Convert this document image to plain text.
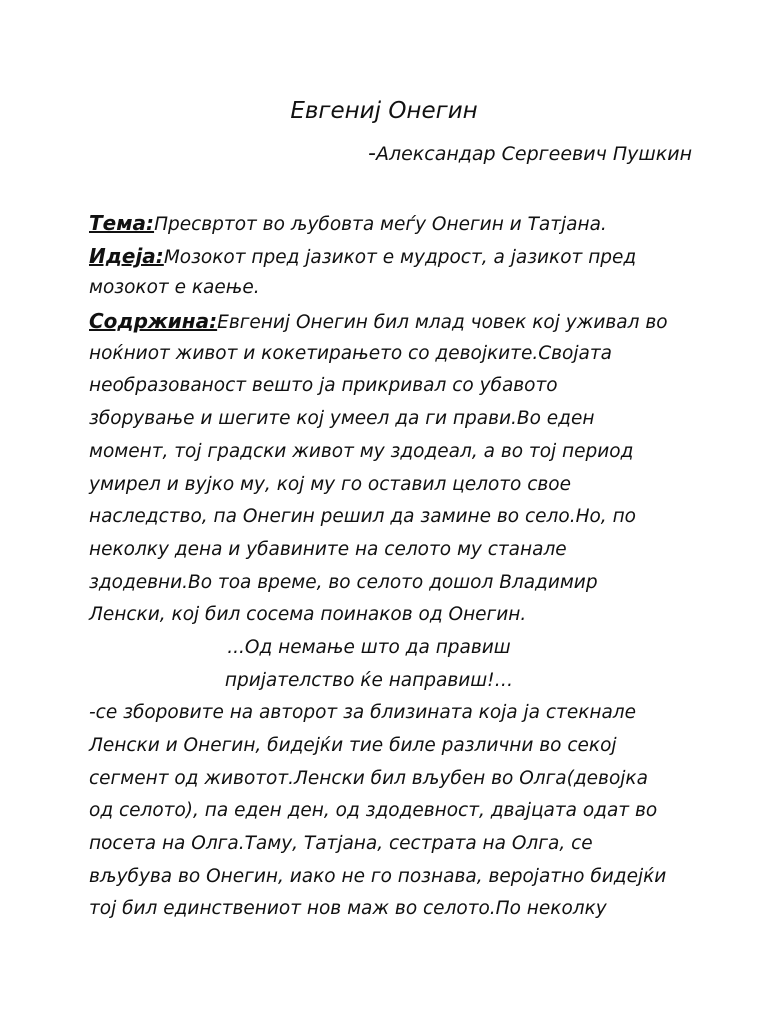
Евгениј Онегин
-Александар Сергеевич Пушкин
Тема:Пресвртот во љубовта меѓу Онегин и Татјана.
Идеја:Мозокот пред јазикот е мудрост, а јазикот пред
мозокот е каење.
Содржина:Евгениј Онегин бил млад човек кој уживал во
ноќниот живот и кокетирањето со девојките.Својата
необразованост вешто ја прикривал со убавото
зборување и шегите кој умеел да ги прави.Во еден
момент, тој градски живот му здодеал, а во тој период
умирел и вујко му, кој му го оставил целото свое
наследство, па Онегин решил да замине во село.Но, по
неколку дена и убавините на селото му станале
здодевни.Во тоа време, во селото дошол Владимир
Ленски, кој бил сосема поинаков од Онегин.
...Од немање што да правиш
пријателство ќе направиш!…
-се зборовите на авторот за близината која ја стекнале
Ленски и Онегин, бидејќи тие биле различни во секој
сегмент од животот.Ленски бил вљубен во Олга(девојка
од селото), па еден ден, од здодевност, двајцата одат во
посета на Олга.Таму, Татјана, сестрата на Олга, се
вљубува во Онегин, иако не го познава, веројатно бидејќи
тој бил единствениот нов маж во селото.По неколку
